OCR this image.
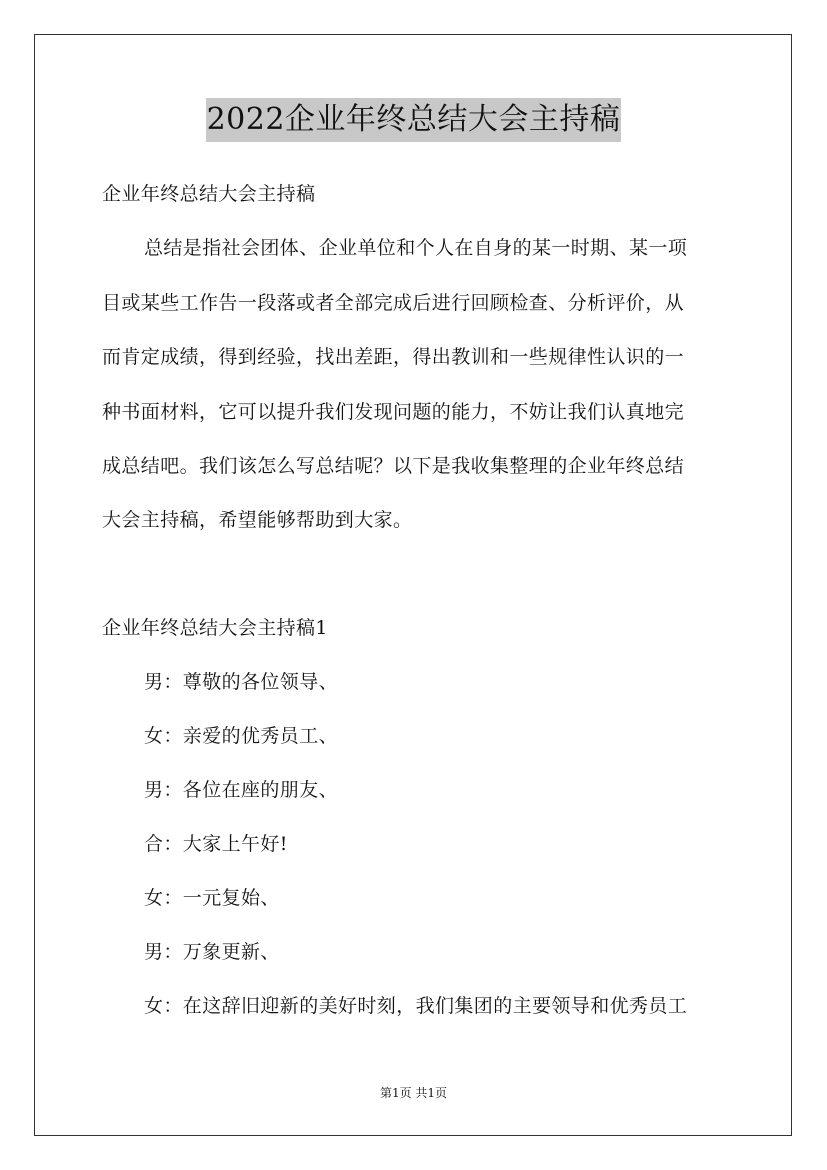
2022企业年终总结大会主持稿
企业年终总结大会主持稿
总结是指社会团体、企业单位和个人在自身的某一时期、某一项
目或某些工作告一段落或者全部完成后进行回顾检查、分析评价，从
而肯定成绩，得到经验，找出差距，得出教训和一些规律性认识的一
种书面材料，它可以提升我们发现问题的能力，不妨让我们认真地完
成总结吧。我们该怎么写总结呢？以下是我收集整理的企业年终总结
大会主持稿，希望能够帮助到大家。
企业年终总结大会主持稿1
男：尊敬的各位领导、
女：亲爱的优秀员工、
男：各位在座的朋友、
合：大家上午好!
女：一元复始、
男：万象更新、
女：在这辞旧迎新的美好时刻，我们集团的主要领导和优秀员工
第1页 共1页
